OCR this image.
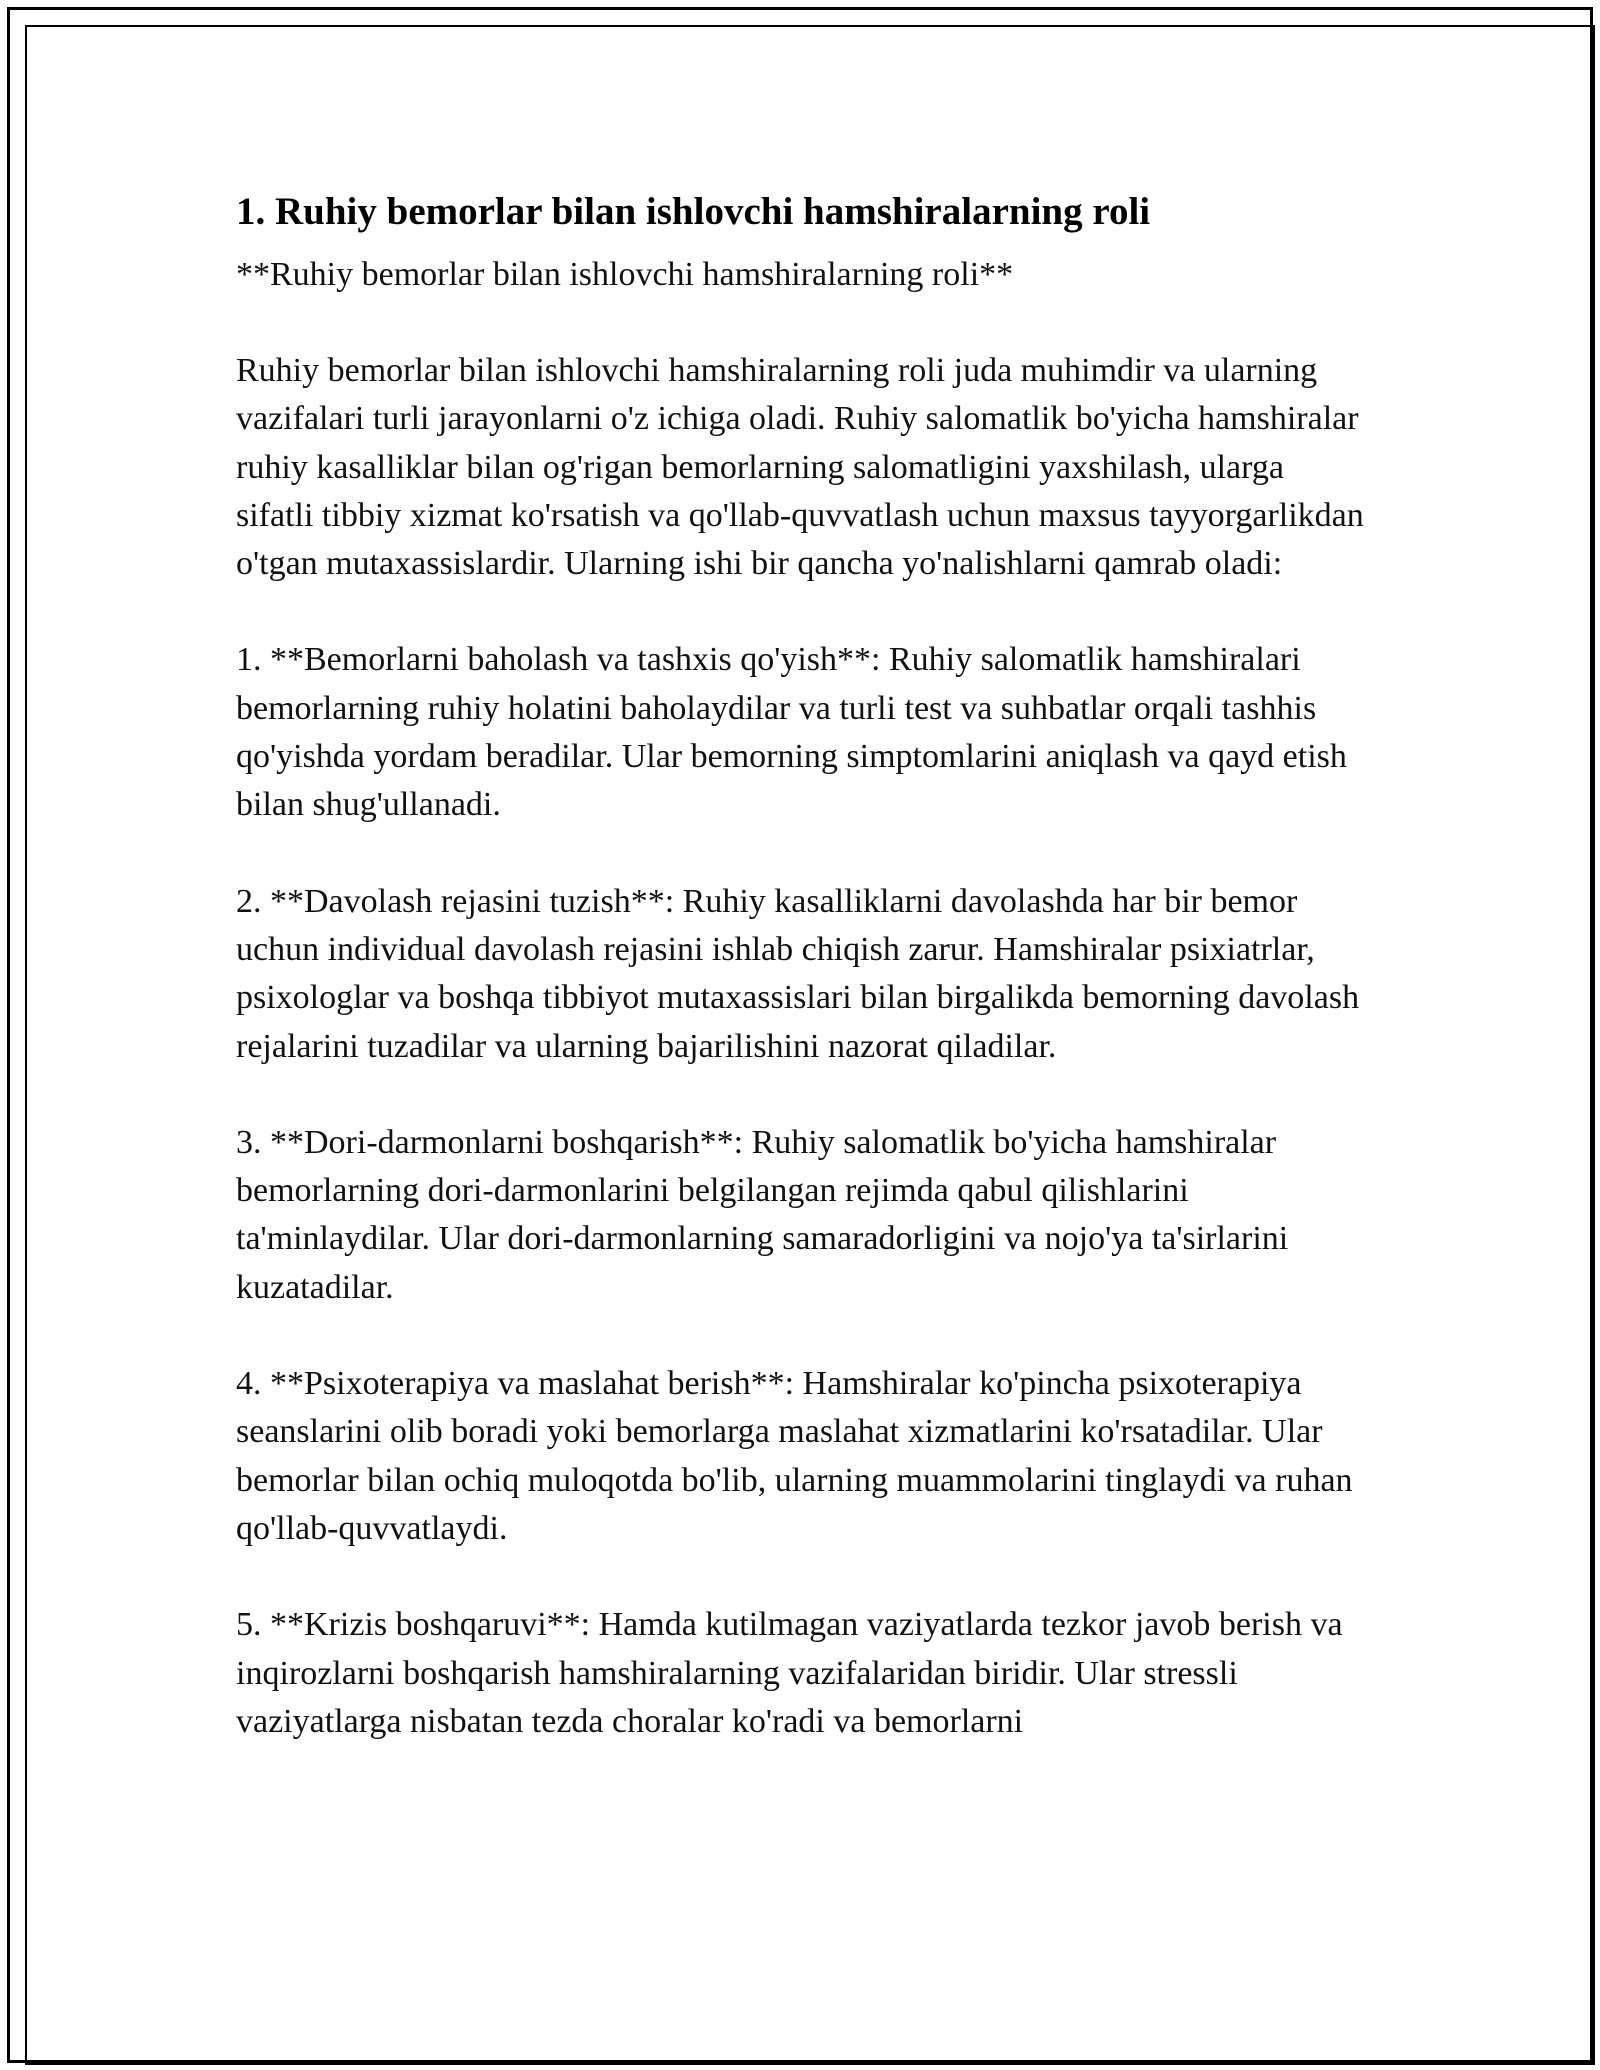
1. Ruhiy bemorlar bilan ishlovchi hamshiralarning roli

**Ruhiy bemorlar bilan ishlovchi hamshiralarning roli**

Ruhiy bemorlar bilan ishlovchi hamshiralarning roli juda muhimdir va ularning vazifalari turli jarayonlarni o'z ichiga oladi. Ruhiy salomatlik bo'yicha hamshiralar ruhiy kasalliklar bilan og'rigan bemorlarning salomatligini yaxshilash, ularga sifatli tibbiy xizmat ko'rsatish va qo'llab-quvvatlash uchun maxsus tayyorgarlikdan o'tgan mutaxassislardir. Ularning ishi bir qancha yo'nalishlarni qamrab oladi:

1. **Bemorlarni baholash va tashxis qo'yish**: Ruhiy salomatlik hamshiralari bemorlarning ruhiy holatini baholaydilar va turli test va suhbatlar orqali tashhis qo'yishda yordam beradilar. Ular bemorning simptomlarini aniqlash va qayd etish bilan shug'ullanadi.

2. **Davolash rejasini tuzish**: Ruhiy kasalliklarni davolashda har bir bemor uchun individual davolash rejasini ishlab chiqish zarur. Hamshiralar psixiatrlar, psixologlar va boshqa tibbiyot mutaxassislari bilan birgalikda bemorning davolash rejalarini tuzadilar va ularning bajarilishini nazorat qiladilar.

3. **Dori-darmonlarni boshqarish**: Ruhiy salomatlik bo'yicha hamshiralar bemorlarning dori-darmonlarini belgilangan rejimda qabul qilishlarini ta'minlaydilar. Ular dori-darmonlarning samaradorligini va nojo'ya ta'sirlarini kuzatadilar.

4. **Psixoterapiya va maslahat berish**: Hamshiralar ko'pincha psixoterapiya seanslarini olib boradi yoki bemorlarga maslahat xizmatlarini ko'rsatadilar. Ular bemorlar bilan ochiq muloqotda bo'lib, ularning muammolarini tinglaydi va ruhan qo'llab-quvvatlaydi.

5. **Krizis boshqaruvi**: Hamda kutilmagan vaziyatlarda tezkor javob berish va inqirozlarni boshqarish hamshiralarning vazifalaridan biridir. Ular stressli vaziyatlarga nisbatan tezda choralar ko'radi va bemorlarni
